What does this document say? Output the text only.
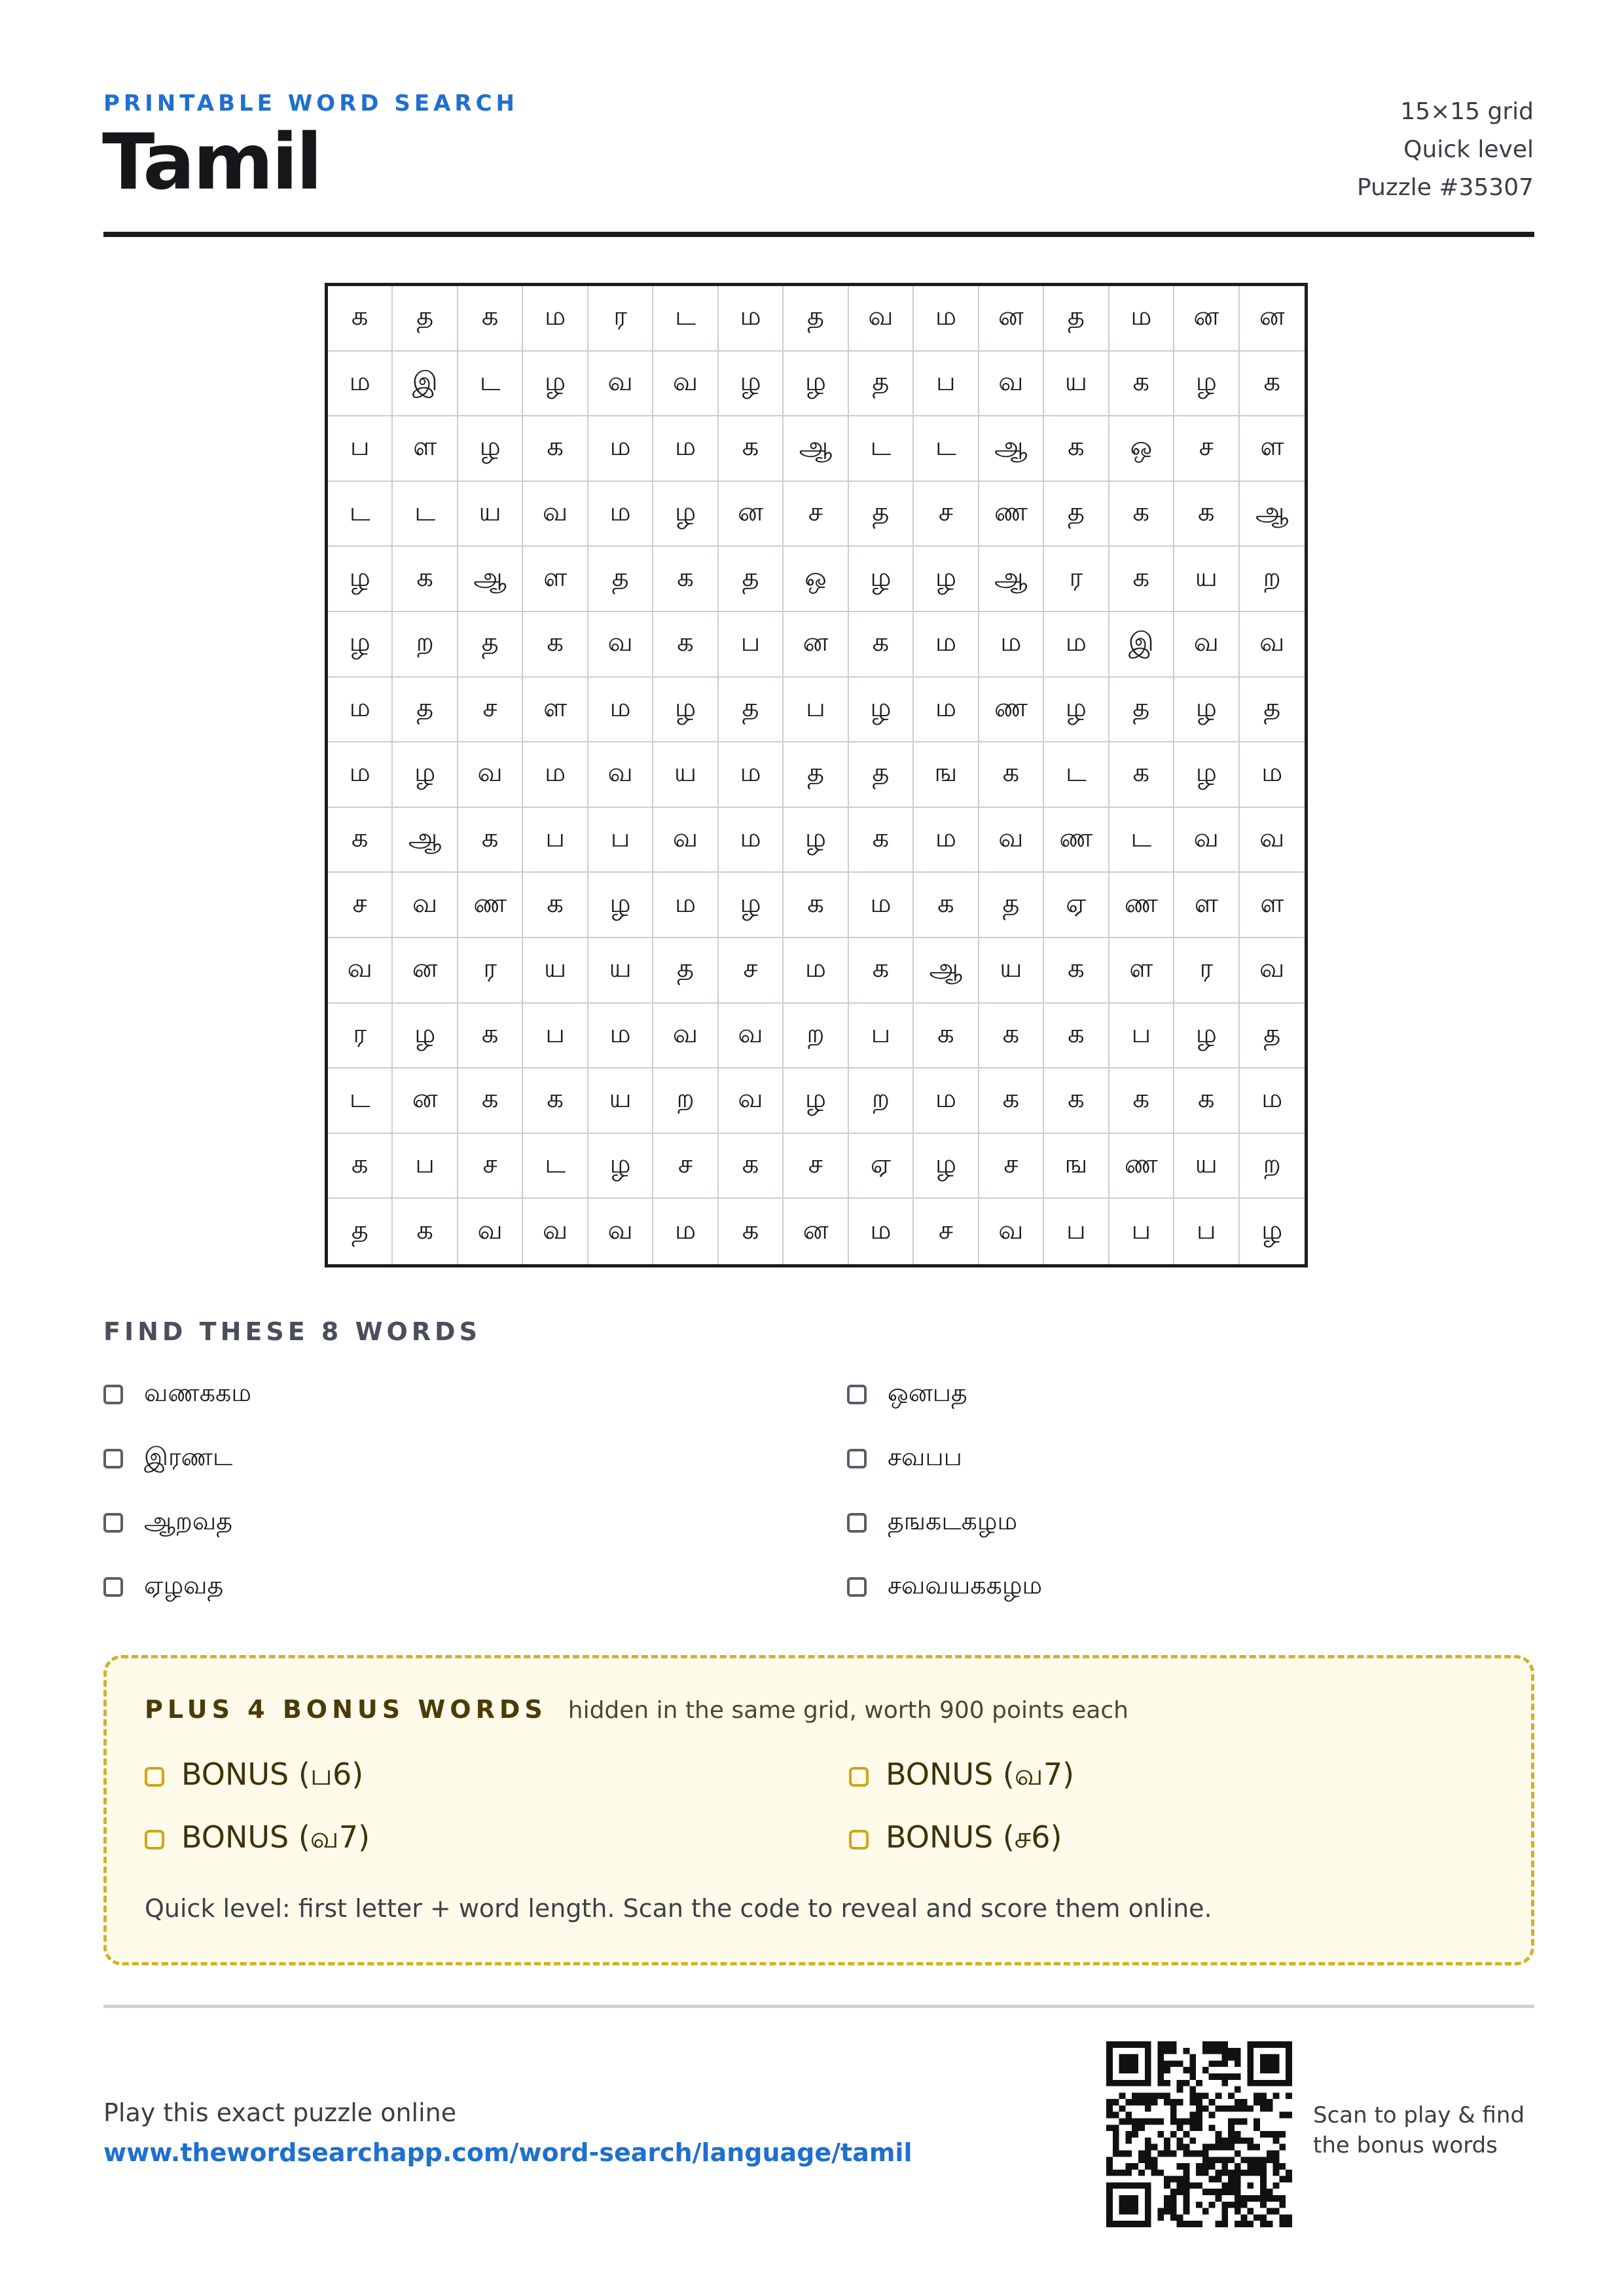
PRINTABLE WORD SEARCH
Tamil
15×15 grid
Quick level
Puzzle #35307
க	த	க	ம	ர	ட	ம	த	வ	ம	ன	த	ம	ன	ன
ம	இ	ட	ழ	வ	வ	ழ	ழ	த	ப	வ	ய	க	ழ	க
ப	ள	ழ	க	ம	ம	க	ஆ	ட	ட	ஆ	க	ஒ	ச	ள
ட	ட	ய	வ	ம	ழ	ன	ச	த	ச	ண	த	க	க	ஆ
ழ	க	ஆ	ள	த	க	த	ஒ	ழ	ழ	ஆ	ர	க	ய	ற
ழ	ற	த	க	வ	க	ப	ன	க	ம	ம	ம	இ	வ	வ
ம	த	ச	ள	ம	ழ	த	ப	ழ	ம	ண	ழ	த	ழ	த
ம	ழ	வ	ம	வ	ய	ம	த	த	ங	க	ட	க	ழ	ம
க	ஆ	க	ப	ப	வ	ம	ழ	க	ம	வ	ண	ட	வ	வ
ச	வ	ண	க	ழ	ம	ழ	க	ம	க	த	ஏ	ண	ள	ள
வ	ன	ர	ய	ய	த	ச	ம	க	ஆ	ய	க	ள	ர	வ
ர	ழ	க	ப	ம	வ	வ	ற	ப	க	க	க	ப	ழ	த
ட	ன	க	க	ய	ற	வ	ழ	ற	ம	க	க	க	க	ம
க	ப	ச	ட	ழ	ச	க	ச	ஏ	ழ	ச	ங	ண	ய	ற
த	க	வ	வ	வ	ம	க	ன	ம	ச	வ	ப	ப	ப	ழ
FIND THESE 8 WORDS
வணககம	ஒனபத
இரணட	சவபப
ஆறவத	தஙகடகழம
ஏழவத	சவவயககழம
PLUS 4 BONUS WORDS hidden in the same grid, worth 900 points each
BONUS (ப6)	BONUS (வ7)
BONUS (வ7)	BONUS (ச6)
Quick level: first letter + word length. Scan the code to reveal and score them online.
Play this exact puzzle online
www.thewordsearchapp.com/word-search/language/tamil
Scan to play & find
the bonus words
